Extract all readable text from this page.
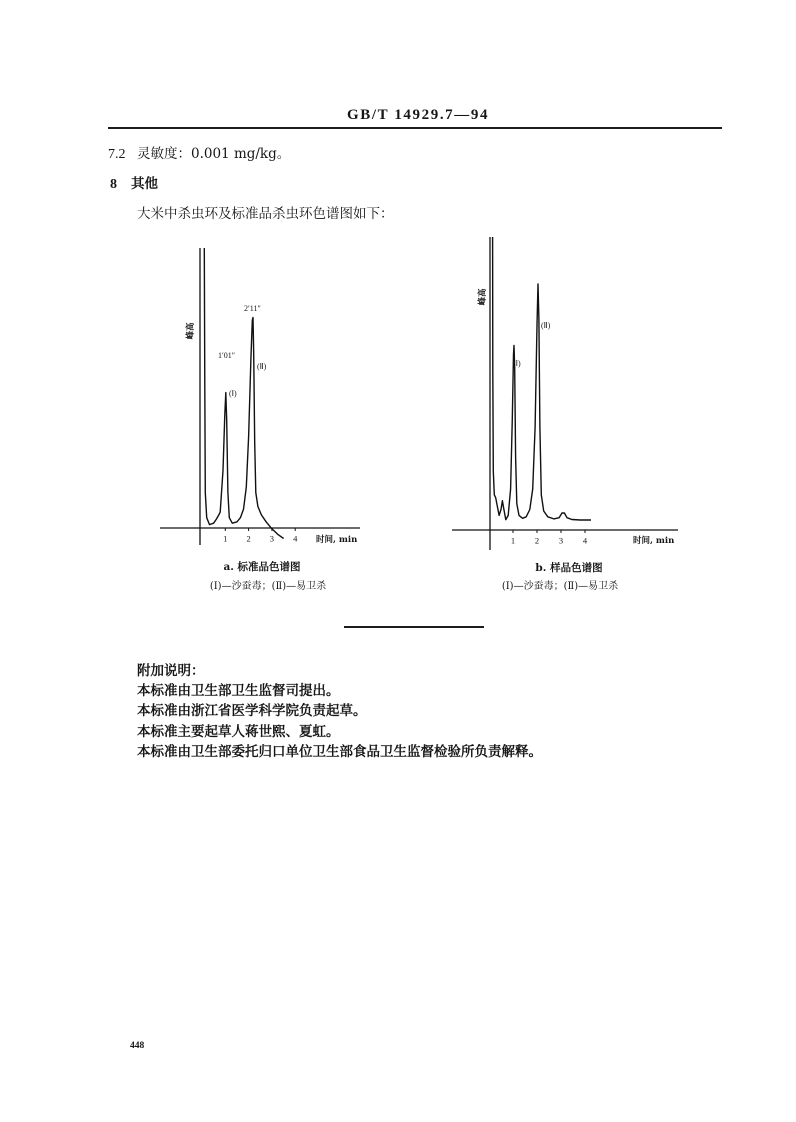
GB/T 14929.7—94
7.2 灵敏度：0.001 mg/kg。
8 其他
大米中杀虫环及标准品杀虫环色谱图如下：
1 2 3 4 时间, min
峰高
1′01″
(Ⅰ)
2′11″
(Ⅱ)
a. 标准品色谱图
(Ⅰ)—沙蚕毒；(Ⅱ)—易卫杀
1 2 3 4	时间, min
峰高
(Ⅰ)
(Ⅱ)
b. 样品色谱图
(Ⅰ)—沙蚕毒；(Ⅱ)—易卫杀
附加说明：
本标准由卫生部卫生监督司提出。
本标准由浙江省医学科学院负责起草。
本标准主要起草人蒋世熙、夏虹。
本标准由卫生部委托归口单位卫生部食品卫生监督检验所负责解释。
448
